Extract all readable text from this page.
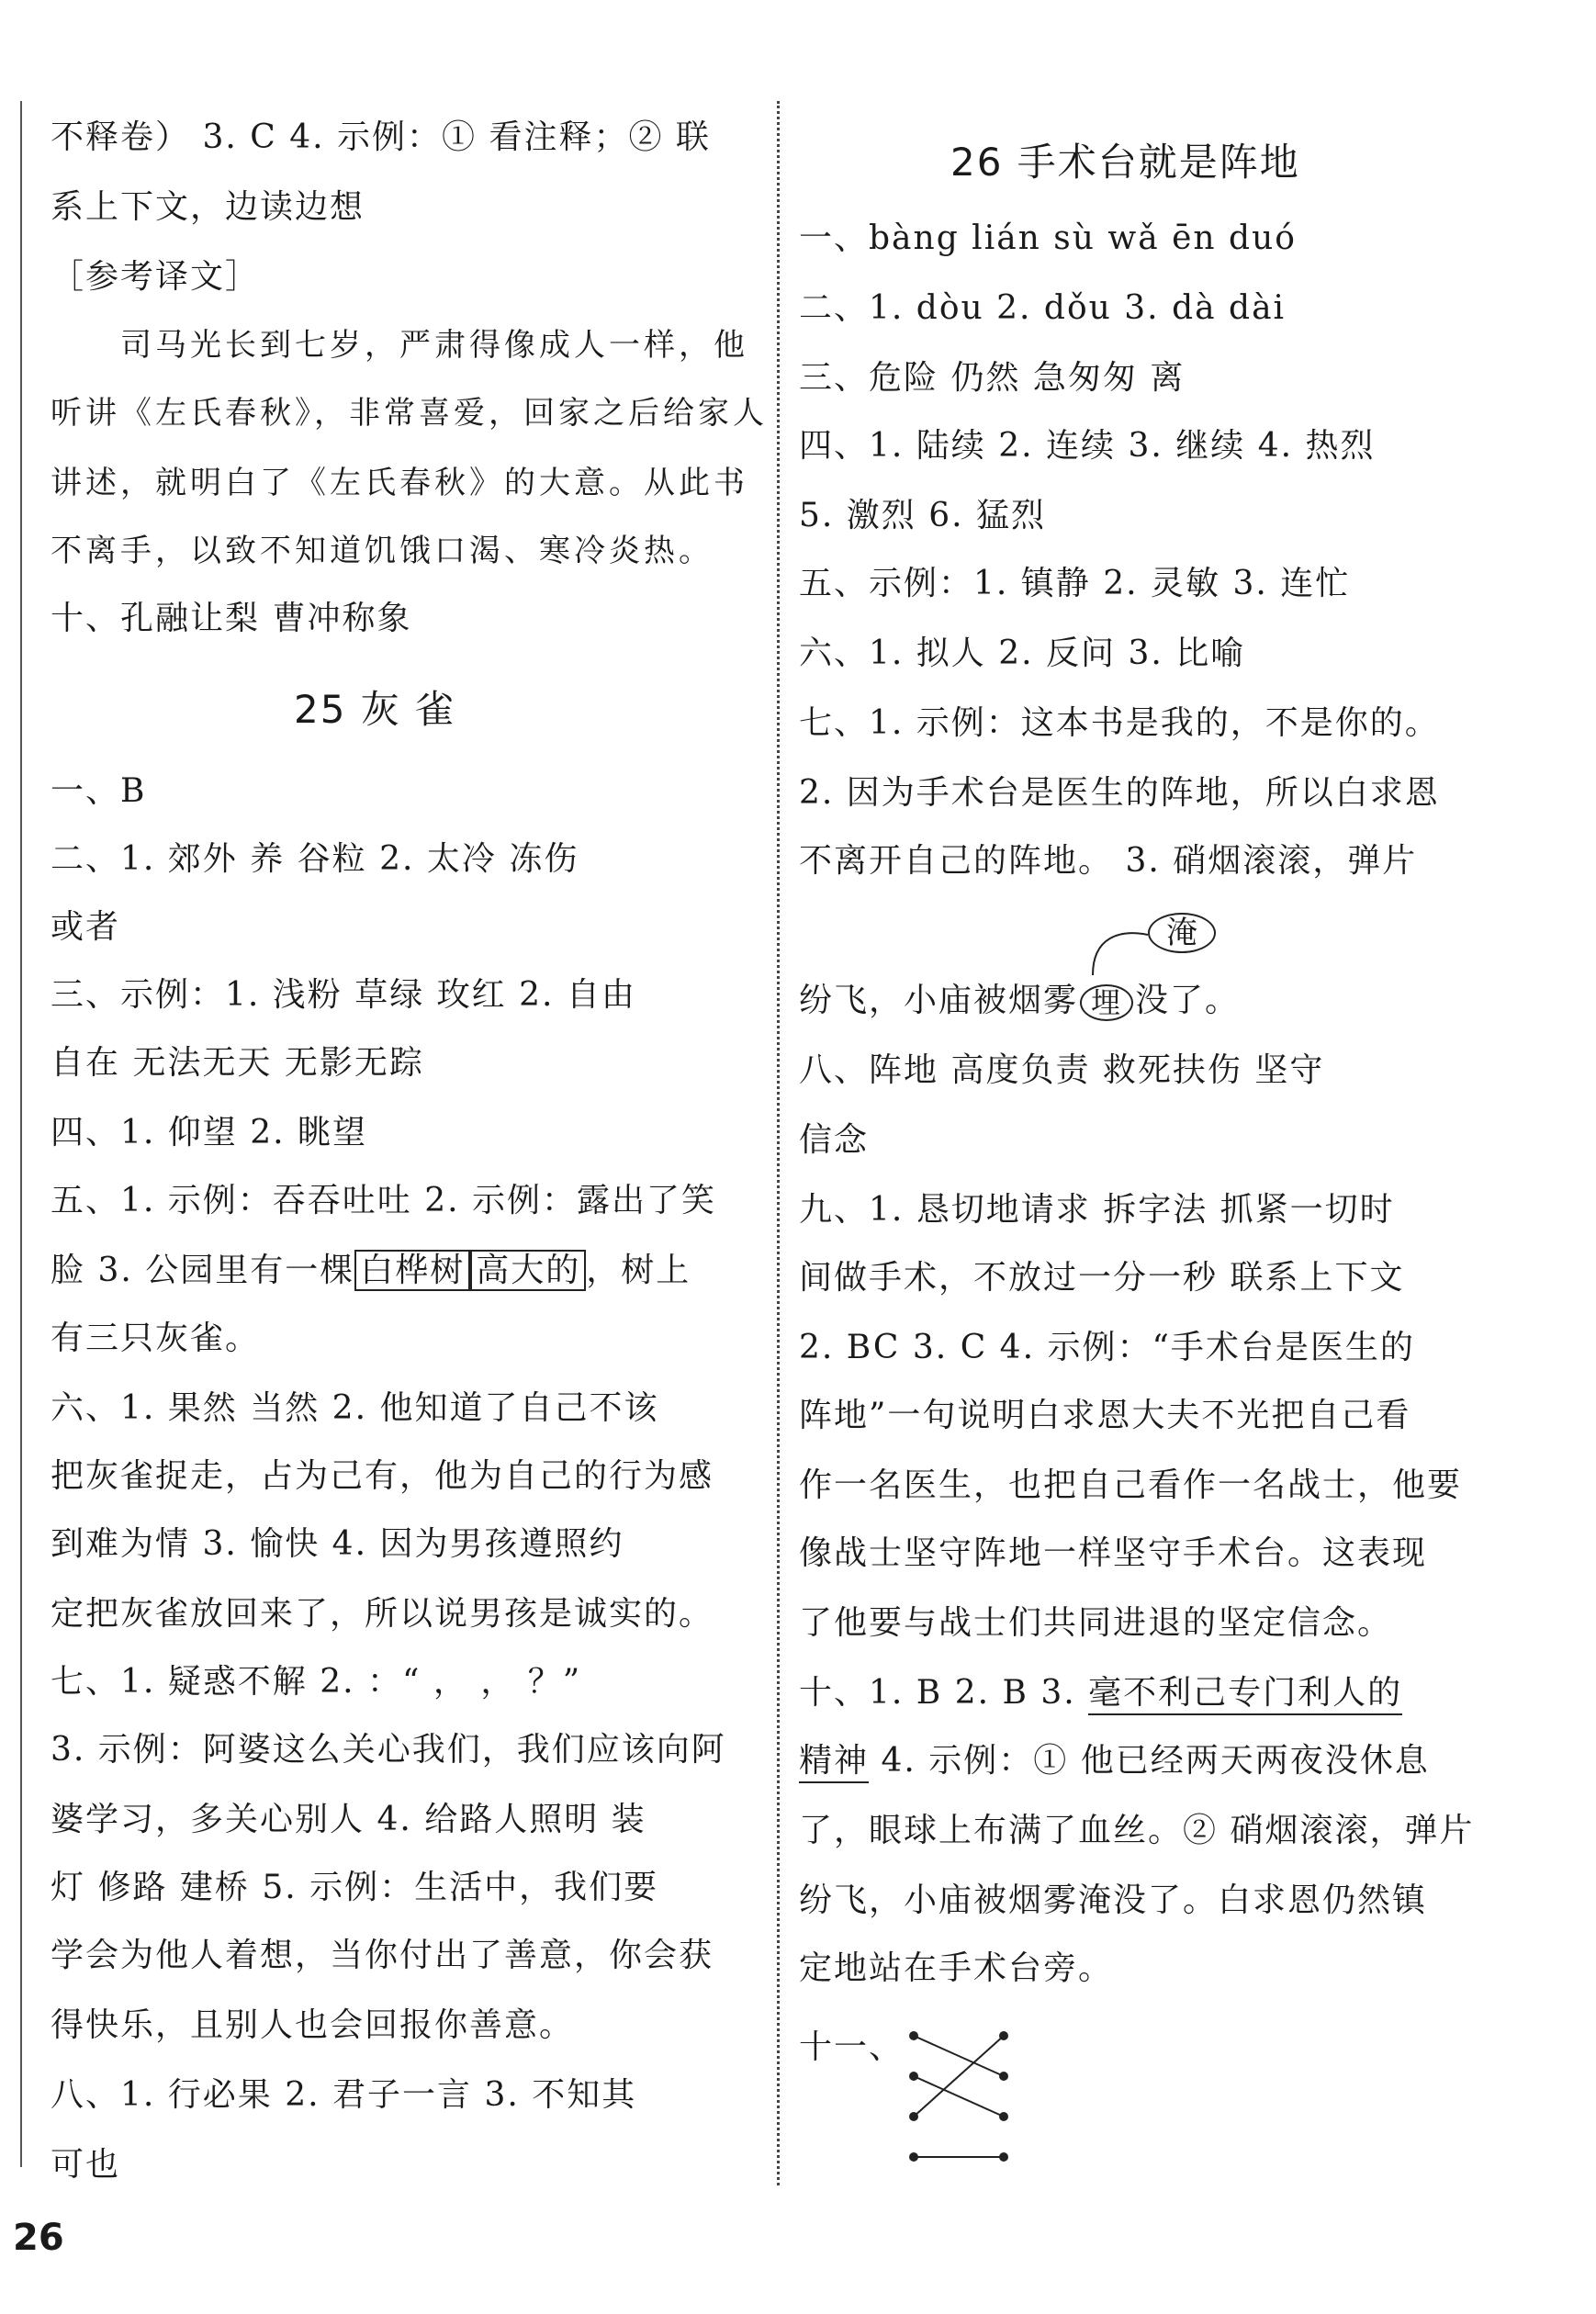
不释卷） 3. C 4. 示例：① 看注释；② 联
系上下文，边读边想
［参考译文］
司马光长到七岁，严肃得像成人一样，他
听讲《左氏春秋》，非常喜爱，回家之后给家人
讲述，就明白了《左氏春秋》的大意。从此书
不离手，以致不知道饥饿口渴、寒冷炎热。
十、孔融让梨 曹冲称象
25 灰 雀
一、B
二、1. 郊外 养 谷粒 2. 太冷 冻伤
或者
三、示例：1. 浅粉 草绿 玫红 2. 自由
自在 无法无天 无影无踪
四、1. 仰望 2. 眺望
五、1. 示例：吞吞吐吐 2. 示例：露出了笑
脸 3. 公园里有一棵 白桦树 高大的 ，树上
有三只灰雀。
六、1. 果然 当然 2. 他知道了自己不该
把灰雀捉走，占为己有，他为自己的行为感
到难为情 3. 愉快 4. 因为男孩遵照约
定把灰雀放回来了，所以说男孩是诚实的。
七、1. 疑惑不解 2. ：“ ， ， ？”
3. 示例：阿婆这么关心我们，我们应该向阿
婆学习，多关心别人 4. 给路人照明 装
灯 修路 建桥 5. 示例：生活中，我们要
学会为他人着想，当你付出了善意，你会获
得快乐，且别人也会回报你善意。
八、1. 行必果 2. 君子一言 3. 不知其
可也
26 手术台就是阵地
一、bàng lián sù wǎ ēn duó
二、1. dòu 2. dǒu 3. dà dài
三、危险 仍然 急匆匆 离
四、1. 陆续 2. 连续 3. 继续 4. 热烈
5. 激烈 6. 猛烈
五、示例：1. 镇静 2. 灵敏 3. 连忙
六、1. 拟人 2. 反问 3. 比喻
七、1. 示例：这本书是我的，不是你的。
2. 因为手术台是医生的阵地，所以白求恩
不离开自己的阵地。 3. 硝烟滚滚，弹片
淹
纷飞，小庙被烟雾 埋 没了。
八、阵地 高度负责 救死扶伤 坚守
信念
九、1. 恳切地请求 拆字法 抓紧一切时
间做手术，不放过一分一秒 联系上下文
2. BC 3. C 4. 示例：“手术台是医生的
阵地”一句说明白求恩大夫不光把自己看
作一名医生，也把自己看作一名战士，他要
像战士坚守阵地一样坚守手术台。这表现
了他要与战士们共同进退的坚定信念。
十、1. B 2. B 3. 毫不利己专门利人的
精神 4. 示例：① 他已经两天两夜没休息
了，眼球上布满了血丝。② 硝烟滚滚，弹片
纷飞，小庙被烟雾淹没了。白求恩仍然镇
定地站在手术台旁。
十一、
26
